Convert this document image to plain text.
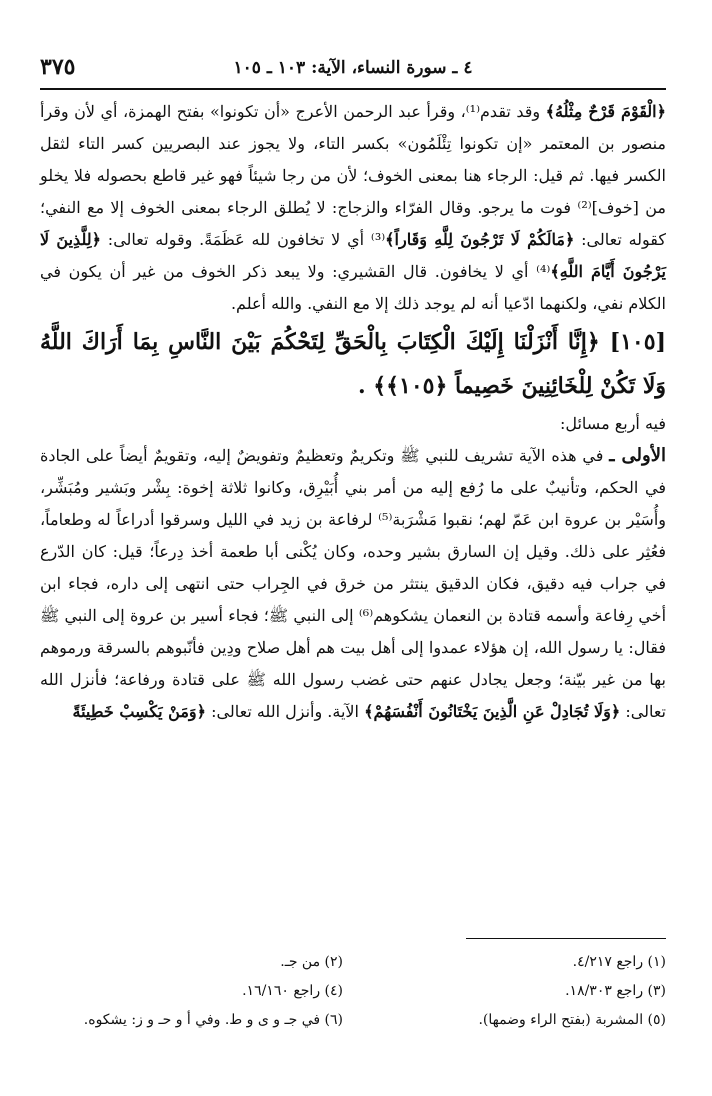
٣٧٥	٤ ـ سورة النساء، الآية: ١٠٣ ـ ١٠٥

﴿الْقَوْمَ قَرْحٌ مِثْلُهُ﴾ وقد تقدم⁽¹⁾، وقرأ عبد الرحمن الأعرج «أن تكونوا» بفتح الهمزة، أي لأن وقرأ منصور بن المعتمر «إن تكونوا تِئْلَمُون» بكسر التاء، ولا يجوز عند البصريين كسر التاء لثقل الكسر فيها. ثم قيل: الرجاء هنا بمعنى الخوف؛ لأن من رجا شيئاً فهو غير قاطع بحصوله فلا يخلو من [خوف]⁽²⁾ فوت ما يرجو. وقال الفرّاء والزجاج: لا يُطلق الرجاء بمعنى الخوف إلا مع النفي؛ كقوله تعالى: ﴿مَالَكُمْ لَا تَرْجُونَ لِلَّهِ وَقَاراً﴾⁽³⁾ أي لا تخافون لله عَظَمَةً. وقوله تعالى: ﴿لِلَّذِينَ لَا يَرْجُونَ أَيَّامَ اللَّهِ﴾⁽⁴⁾ أي لا يخافون. قال القشيري: ولا يبعد ذكر الخوف من غير أن يكون في الكلام نفي، ولكنهما ادّعيا أنه لم يوجد ذلك إلا مع النفي. والله أعلم.

[١٠٥] ﴿إِنَّا أَنْزَلْنَا إِلَيْكَ الْكِتَابَ بِالْحَقِّ لِتَحْكُمَ بَيْنَ النَّاسِ بِمَا أَرَاكَ اللَّهُ وَلَا تَكُنْ لِلْخَائِنِينَ خَصِيماً ﴿١٠٥﴾﴾ .

فيه أربع مسائل:

الأولى ـ في هذه الآية تشريف للنبي ﷺ وتكريمٌ وتعظيمٌ وتفويضٌ إليه، وتقويمٌ أيضاً على الجادة في الحكم، وتأنيبٌ على ما رُفع إليه من أمر بني أُبَيْرِق، وكانوا ثلاثة إخوة: بِشْر وبَشير ومُبَشِّر، وأُسَيْر بن عروة ابن عَمّ لهم؛ نقبوا مَشْرَبة⁽⁵⁾ لرفاعة بن زيد في الليل وسرقوا أدراعاً له وطعاماً، فعُثِر على ذلك. وقيل إن السارق بشير وحده، وكان يُكْنى أبا طعمة أخذ دِرعاً؛ قيل: كان الدّرع في جراب فيه دقيق، فكان الدقيق ينتثر من خرق في الجِراب حتى انتهى إلى داره، فجاء ابن أخي رِفاعة وأسمه قتادة بن النعمان يشكوهم⁽⁶⁾ إلى النبي ﷺ؛ فجاء أسير بن عروة إلى النبي ﷺ فقال: يا رسول الله، إن هؤلاء عمدوا إلى أهل بيت هم أهل صلاح ودِين فأنّبوهم بالسرقة ورموهم بها من غير بيّنة؛ وجعل يجادل عنهم حتى غضب رسول الله ﷺ على قتادة ورفاعة؛ فأنزل الله تعالى: ﴿وَلَا تُجَادِلْ عَنِ الَّذِينَ يَخْتَانُونَ أَنْفُسَهُمْ﴾ الآية. وأنزل الله تعالى: ﴿وَمَنْ يَكْسِبْ خَطِيئَةً

(١) راجع ٤/٢١٧.
(٢) من جـ.
(٣) راجع ١٨/٣٠٣.
(٤) راجع ١٦/١٦٠.
(٥) المشربة (بفتح الراء وضمها).
(٦) في جـ و ى و ط. وفي أ و حـ و ز: يشكوه.
